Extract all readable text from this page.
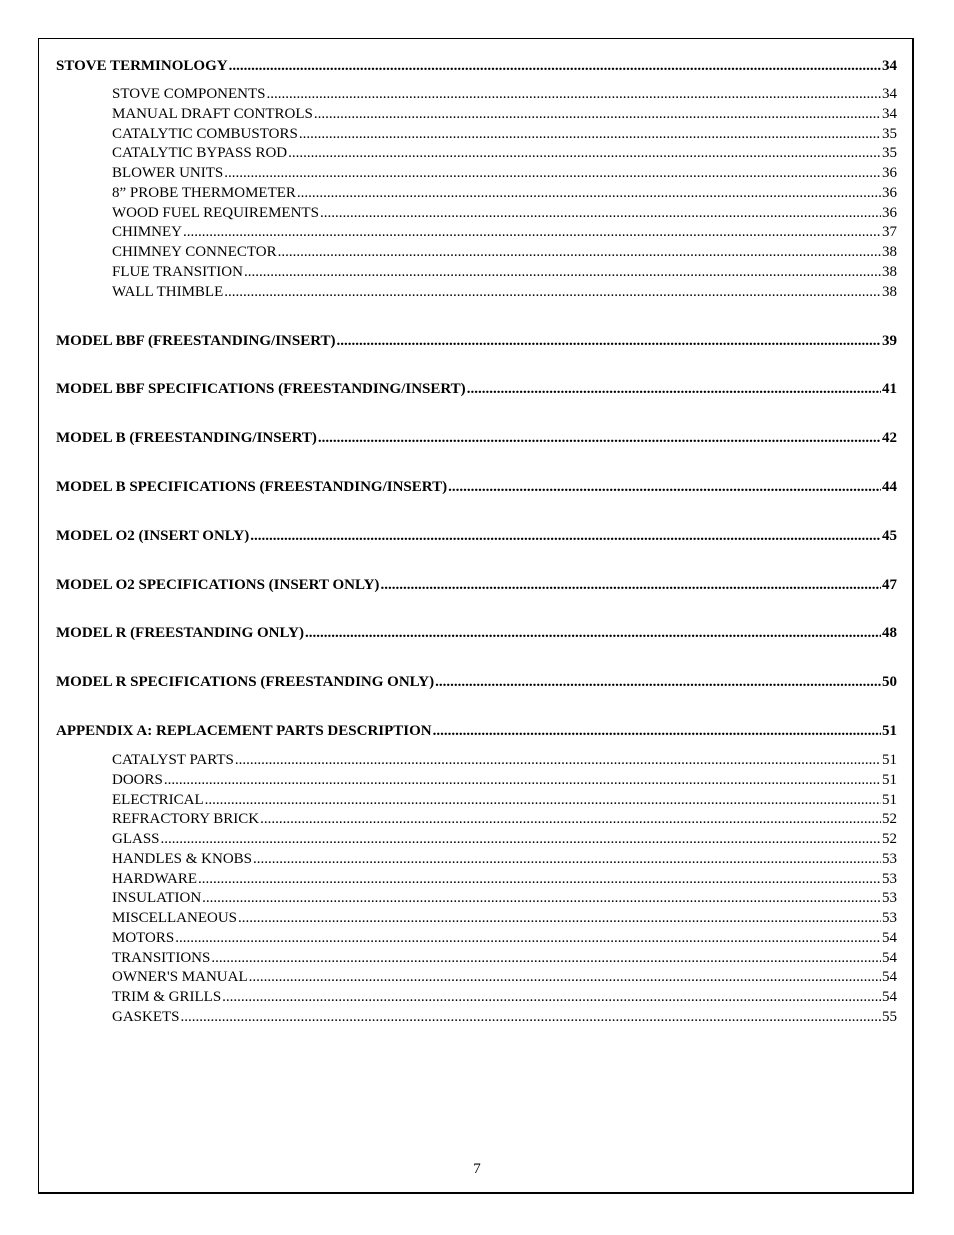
STOVE TERMINOLOGY .....	34
STOVE COMPONENTS .....	34
MANUAL DRAFT CONTROLS .....	34
CATALYTIC COMBUSTORS .....	35
CATALYTIC BYPASS ROD .....	35
BLOWER UNITS .....	36
8” PROBE THERMOMETER .....	36
WOOD FUEL REQUIREMENTS .....	36
CHIMNEY .....	37
CHIMNEY CONNECTOR .....	38
FLUE TRANSITION .....	38
WALL THIMBLE .....	38
MODEL BBF (FREESTANDING/INSERT) .....	39
MODEL BBF SPECIFICATIONS (FREESTANDING/INSERT) .....	41
MODEL B (FREESTANDING/INSERT) .....	42
MODEL B SPECIFICATIONS (FREESTANDING/INSERT) .....	44
MODEL O2 (INSERT ONLY) .....	45
MODEL O2 SPECIFICATIONS (INSERT ONLY) .....	47
MODEL R (FREESTANDING ONLY) .....	48
MODEL R SPECIFICATIONS (FREESTANDING ONLY) .....	50
APPENDIX A: REPLACEMENT PARTS DESCRIPTION .....	51
CATALYST PARTS .....	51
DOORS .....	51
ELECTRICAL .....	51
REFRACTORY BRICK .....	52
GLASS .....	52
HANDLES & KNOBS .....	53
HARDWARE .....	53
INSULATION .....	53
MISCELLANEOUS .....	53
MOTORS .....	54
TRANSITIONS .....	54
OWNER'S MANUAL .....	54
TRIM & GRILLS .....	54
GASKETS .....	55
7
